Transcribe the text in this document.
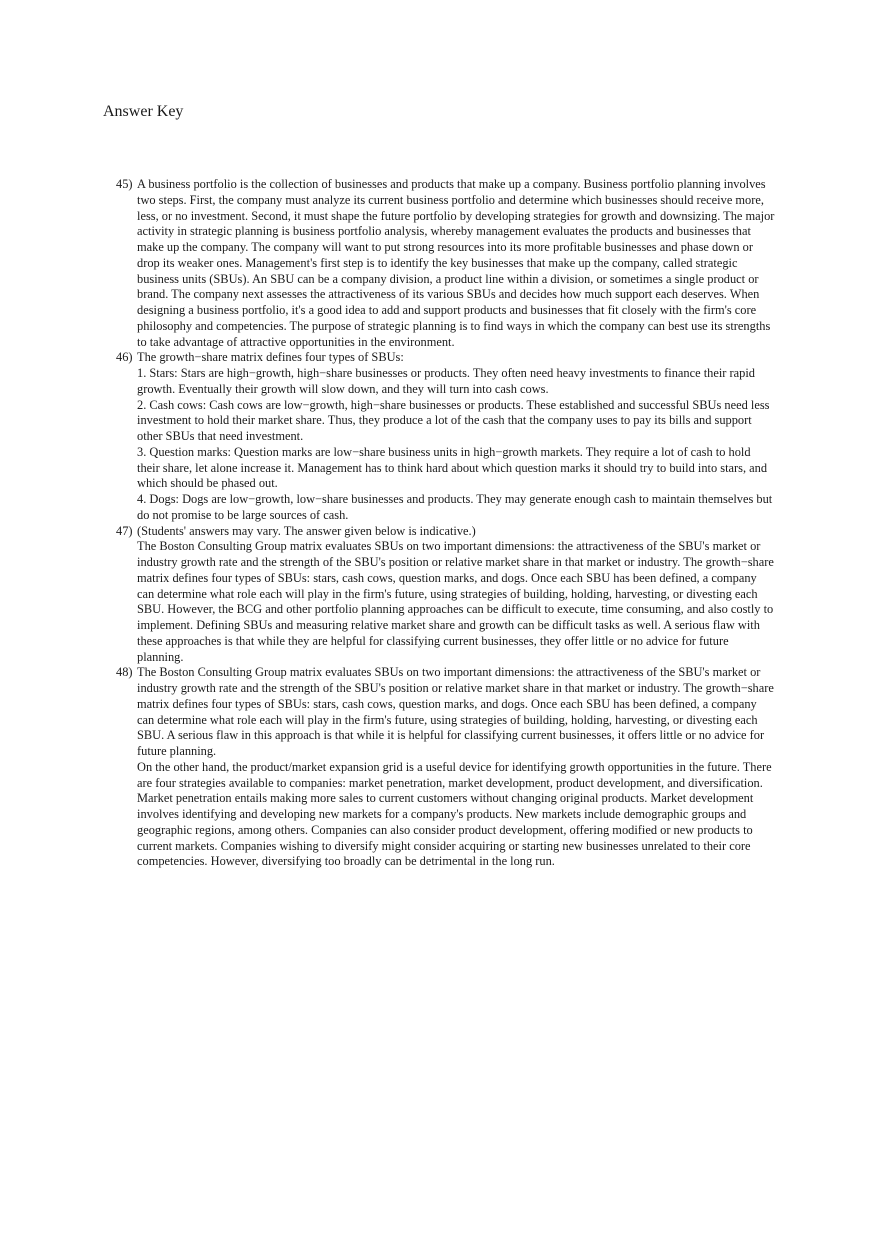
Answer Key
45) A business portfolio is the collection of businesses and products that make up a company. Business portfolio planning involves two steps. First, the company must analyze its current business portfolio and determine which businesses should receive more, less, or no investment. Second, it must shape the future portfolio by developing strategies for growth and downsizing. The major activity in strategic planning is business portfolio analysis, whereby management evaluates the products and businesses that make up the company. The company will want to put strong resources into its more profitable businesses and phase down or drop its weaker ones. Management's first step is to identify the key businesses that make up the company, called strategic business units (SBUs). An SBU can be a company division, a product line within a division, or sometimes a single product or brand. The company next assesses the attractiveness of its various SBUs and decides how much support each deserves. When designing a business portfolio, it's a good idea to add and support products and businesses that fit closely with the firm's core philosophy and competencies. The purpose of strategic planning is to find ways in which the company can best use its strengths to take advantage of attractive opportunities in the environment.

46) The growth−share matrix defines four types of SBUs:

1. Stars: Stars are high−growth, high−share businesses or products. They often need heavy investments to finance their rapid growth. Eventually their growth will slow down, and they will turn into cash cows.

2. Cash cows: Cash cows are low−growth, high−share businesses or products. These established and successful SBUs need less investment to hold their market share. Thus, they produce a lot of the cash that the company uses to pay its bills and support other SBUs that need investment.

3. Question marks: Question marks are low−share business units in high−growth markets. They require a lot of cash to hold their share, let alone increase it. Management has to think hard about which question marks it should try to build into stars, and which should be phased out.

4. Dogs: Dogs are low−growth, low−share businesses and products. They may generate enough cash to maintain themselves but do not promise to be large sources of cash.

47) (Students' answers may vary. The answer given below is indicative.)

The Boston Consulting Group matrix evaluates SBUs on two important dimensions: the attractiveness of the SBU's market or industry growth rate and the strength of the SBU's position or relative market share in that market or industry. The growth−share matrix defines four types of SBUs: stars, cash cows, question marks, and dogs. Once each SBU has been defined, a company can determine what role each will play in the firm's future, using strategies of building, holding, harvesting, or divesting each SBU. However, the BCG and other portfolio planning approaches can be difficult to execute, time consuming, and also costly to implement. Defining SBUs and measuring relative market share and growth can be difficult tasks as well. A serious flaw with these approaches is that while they are helpful for classifying current businesses, they offer little or no advice for future planning.

48) The Boston Consulting Group matrix evaluates SBUs on two important dimensions: the attractiveness of the SBU's market or industry growth rate and the strength of the SBU's position or relative market share in that market or industry. The growth−share matrix defines four types of SBUs: stars, cash cows, question marks, and dogs. Once each SBU has been defined, a company can determine what role each will play in the firm's future, using strategies of building, holding, harvesting, or divesting each SBU. A serious flaw in this approach is that while it is helpful for classifying current businesses, it offers little or no advice for future planning.

On the other hand, the product/market expansion grid is a useful device for identifying growth opportunities in the future. There are four strategies available to companies: market penetration, market development, product development, and diversification. Market penetration entails making more sales to current customers without changing original products. Market development involves identifying and developing new markets for a company's products. New markets include demographic groups and geographic regions, among others. Companies can also consider product development, offering modified or new products to current markets. Companies wishing to diversify might consider acquiring or starting new businesses unrelated to their core competencies. However, diversifying too broadly can be detrimental in the long run.
